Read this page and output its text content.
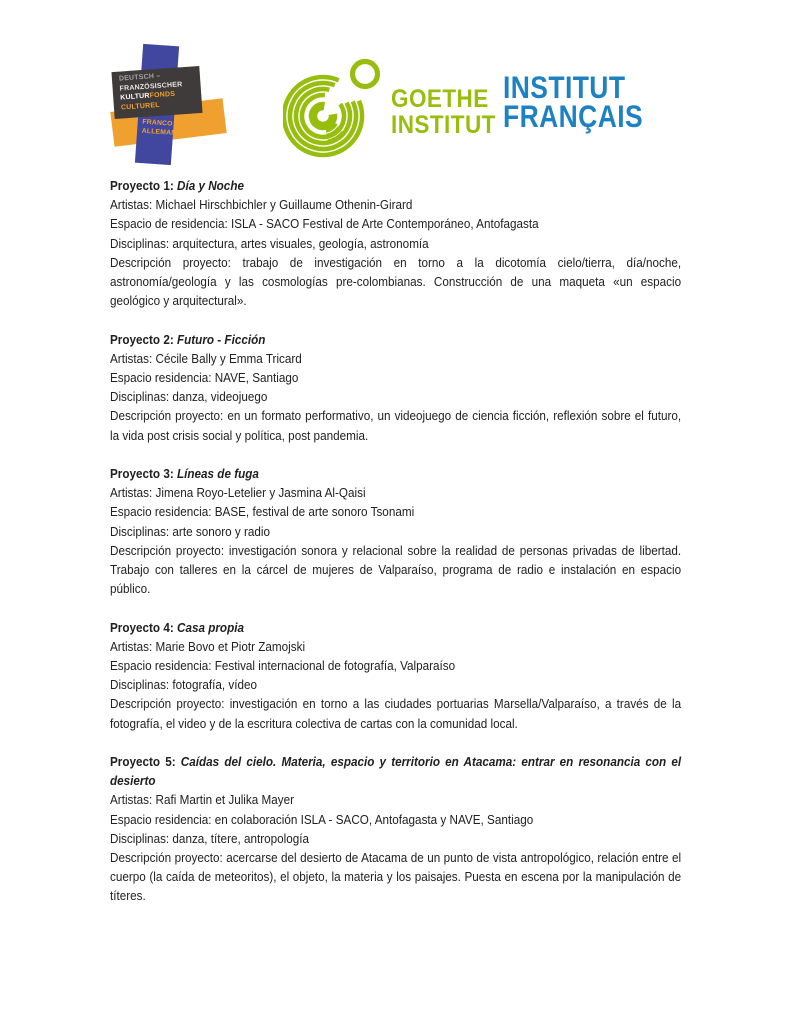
DEUTSCH –
FRANZÖSISCHER
KULTURFONDS
CULTUREL
FRANCO –
ALLEMAND
GOETHE
INSTITUT
INSTITUT
FRANÇAIS

Proyecto 1: Día y Noche

Artistas: Michael Hirschbichler y Guillaume Othenin-Girard

Espacio de residencia: ISLA - SACO Festival de Arte Contemporáneo, Antofagasta

Disciplinas: arquitectura, artes visuales, geología, astronomía

Descripción proyecto: trabajo de investigación en torno a la dicotomía cielo/tierra, día/noche, astronomía/geología y las cosmologías pre-colombianas. Construcción de una maqueta «un espacio geológico y arquitectural».

Proyecto 2: Futuro - Ficción

Artistas: Cécile Bally y Emma Tricard

Espacio residencia: NAVE, Santiago

Disciplinas: danza, videojuego

Descripción proyecto: en un formato performativo, un videojuego de ciencia ficción, reflexión sobre el futuro, la vida post crisis social y política, post pandemia.

Proyecto 3: Líneas de fuga

Artistas: Jimena Royo-Letelier y Jasmina Al-Qaisi

Espacio residencia: BASE, festival de arte sonoro Tsonami

Disciplinas: arte sonoro y radio

Descripción proyecto: investigación sonora y relacional sobre la realidad de personas privadas de libertad. Trabajo con talleres en la cárcel de mujeres de Valparaíso, programa de radio e instalación en espacio público.

Proyecto 4: Casa propia

Artistas: Marie Bovo et Piotr Zamojski

Espacio residencia: Festival internacional de fotografía, Valparaíso

Disciplinas: fotografía, vídeo

Descripción proyecto: investigación en torno a las ciudades portuarias Marsella/Valparaíso, a través de la fotografía, el video y de la escritura colectiva de cartas con la comunidad local.

Proyecto 5: Caídas del cielo. Materia, espacio y territorio en Atacama: entrar en resonancia con el desierto

Artistas: Rafi Martin et Julika Mayer

Espacio residencia: en colaboración ISLA - SACO, Antofagasta y NAVE, Santiago

Disciplinas: danza, títere, antropología

Descripción proyecto: acercarse del desierto de Atacama de un punto de vista antropológico, relación entre el cuerpo (la caída de meteoritos), el objeto, la materia y los paisajes. Puesta en escena por la manipulación de títeres.
